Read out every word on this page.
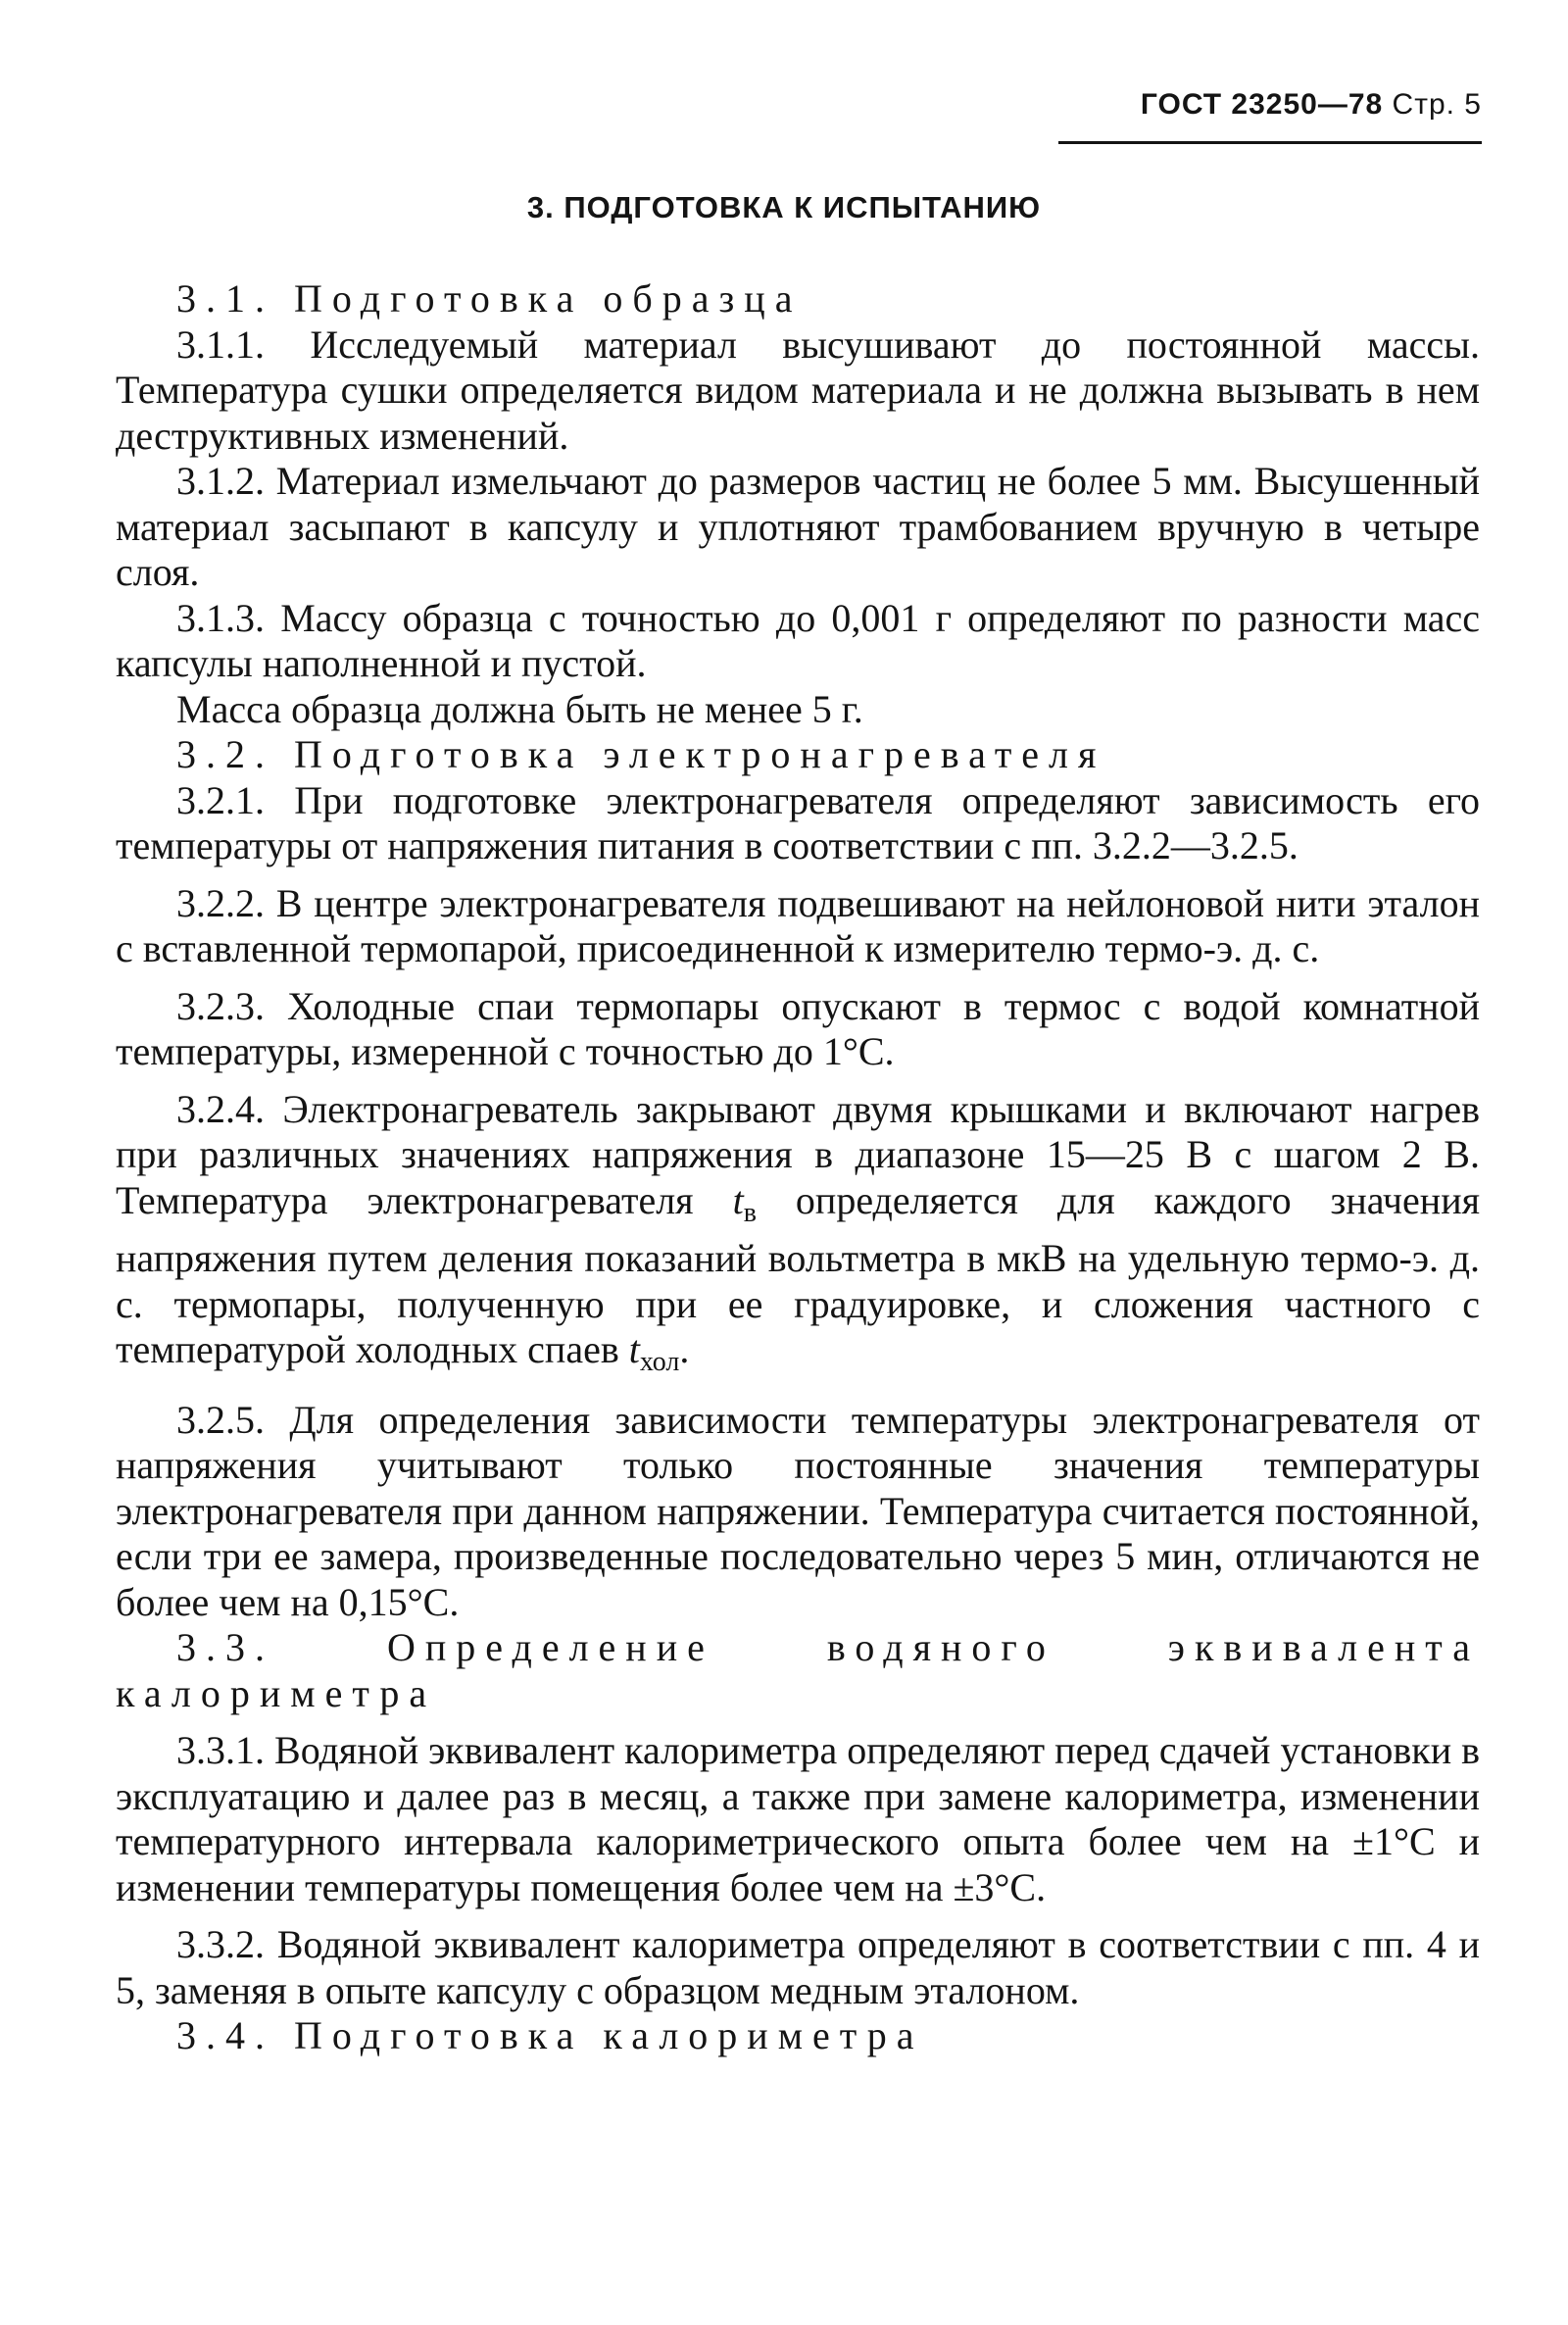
ГОСТ 23250—78 Стр. 5
3. ПОДГОТОВКА К ИСПЫТАНИЮ

3.1. Подготовка образца

3.1.1. Исследуемый материал высушивают до постоянной массы. Температура сушки определяется видом материала и не должна вызывать в нем деструктивных изменений.

3.1.2. Материал измельчают до размеров частиц не более 5 мм. Высушенный материал засыпают в капсулу и уплотняют трамбованием вручную в четыре слоя.

3.1.3. Массу образца с точностью до 0,001 г определяют по разности масс капсулы наполненной и пустой.

Масса образца должна быть не менее 5 г.

3.2. Подготовка электронагревателя

3.2.1. При подготовке электронагревателя определяют зависимость его температуры от напряжения питания в соответствии с пп. 3.2.2—3.2.5.

3.2.2. В центре электронагревателя подвешивают на нейлоновой нити эталон с вставленной термопарой, присоединенной к измерителю термо-э. д. с.

3.2.3. Холодные спаи термопары опускают в термос с водой комнатной температуры, измеренной с точностью до 1°С.

3.2.4. Электронагреватель закрывают двумя крышками и включают нагрев при различных значениях напряжения в диапазоне 15—25 В с шагом 2 В. Температура электронагревателя $t_в$ определяется для каждого значения напряжения путем деления показаний вольтметра в мкВ на удельную термо-э. д. с. термопары, полученную при ее градуировке, и сложения частного с температурой холодных спаев $t_{хол}$.

3.2.5. Для определения зависимости температуры электронагревателя от напряжения учитывают только постоянные значения температуры электронагревателя при данном напряжении. Температура считается постоянной, если три ее замера, произведенные последовательно через 5 мин, отличаются не более чем на 0,15°С.

3.3. Определение водяного эквивалента калориметра

3.3.1. Водяной эквивалент калориметра определяют перед сдачей установки в эксплуатацию и далее раз в месяц, а также при замене калориметра, изменении температурного интервала калориметрического опыта более чем на ±1°С и изменении температуры помещения более чем на ±3°С.

3.3.2. Водяной эквивалент калориметра определяют в соответствии с пп. 4 и 5, заменяя в опыте капсулу с образцом медным эталоном.

3.4. Подготовка калориметра
